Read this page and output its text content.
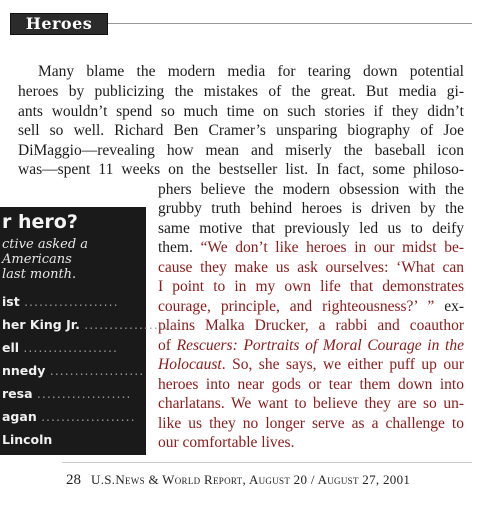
Heroes
Many blame the modern media for tearing down potential
heroes by publicizing the mistakes of the great. But media gi-
ants wouldn’t spend so much time on such stories if they didn’t
sell so well. Richard Ben Cramer’s unsparing biography of Joe
DiMaggio—revealing how mean and miserly the baseball icon
was—spent 11 weeks on the bestseller list. In fact, some philoso-
phers believe the modern obsession with the
grubby truth behind heroes is driven by the
same motive that previously led us to deify
them. “We don’t like heroes in our midst be-
cause they make us ask ourselves: ‘What can
I point to in my own life that demonstrates
courage, principle, and righteousness?’ ” ex-
plains Malka Drucker, a rabbi and coauthor
of Rescuers: Portraits of Moral Courage in the
Holocaust. So, she says, we either puff up our
heroes into near gods or tear them down into
charlatans. We want to believe they are so un-
like us they no longer serve as a challenge to
our comfortable lives.
r hero?
ctive asked a
Americans
last month.
ist ...................
her King Jr. ...................
ell ...................
nnedy ...................
resa ...................
agan ...................
Lincoln
28 U.S.News & World Report, August 20 / August 27, 2001
